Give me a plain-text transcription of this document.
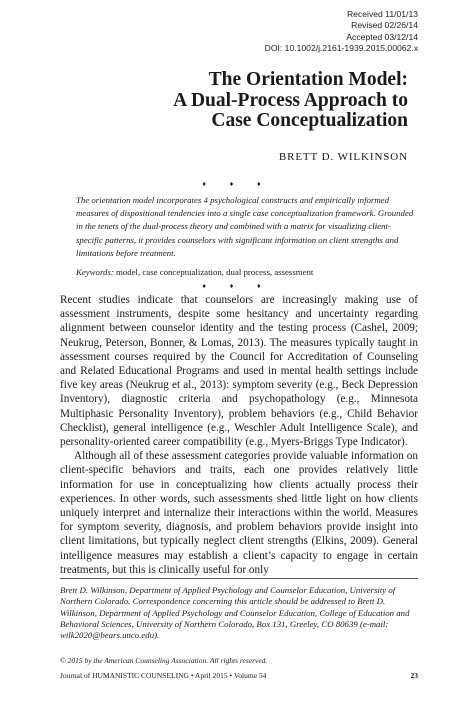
Received 11/01/13
Revised 02/26/14
Accepted 03/12/14
DOI: 10.1002/j.2161-1939.2015.00062.x
The Orientation Model:
A Dual-Process Approach to
Case Conceptualization
BRETT D. WILKINSON
♦ ♦ ♦

The orientation model incorporates 4 psychological constructs and empirically informed measures of dispositional tendencies into a single case conceptualization framework. Grounded in the tenets of the dual-process theory and combined with a matrix for visualizing client-specific patterns, it provides counselors with significant information on client strengths and limitations before treatment.

Keywords: model, case conceptualization, dual process, assessment
♦ ♦ ♦

Recent studies indicate that counselors are increasingly making use of assessment instruments, despite some hesitancy and uncertainty regarding alignment between counselor identity and the testing process (Cashel, 2009; Neukrug, Peterson, Bonner, & Lomas, 2013). The measures typically taught in assessment courses required by the Council for Accreditation of Counseling and Related Educational Programs and used in mental health settings include five key areas (Neukrug et al., 2013): symptom severity (e.g., Beck Depression Inventory), diagnostic criteria and psychopathology (e.g., Minnesota Multiphasic Personality Inventory), problem behaviors (e.g., Child Behavior Checklist), general intelligence (e.g., Weschler Adult Intelligence Scale), and personality-oriented career compatibility (e.g., Myers-Briggs Type Indicator).

Although all of these assessment categories provide valuable information on client-specific behaviors and traits, each one provides relatively little information for use in conceptualizing how clients actually process their experiences. In other words, such assessments shed little light on how clients uniquely interpret and internalize their interactions within the world. Measures for symptom severity, diagnosis, and problem behaviors provide insight into client limitations, but typically neglect client strengths (Elkins, 2009). General intelligence measures may establish a client’s capacity to engage in certain treatments, but this is clinically useful for only

Brett D. Wilkinson, Department of Applied Psychology and Counselor Education, University of Northern Colorado. Correspondence concerning this article should be addressed to Brett D. Wilkinson, Department of Applied Psychology and Counselor Education, College of Education and Behavioral Sciences, University of Northern Colorado, Box 131, Greeley, CO 80639 (e-mail: wilk2020@bears.unco.edu).

© 2015 by the American Counseling Association. All rights reserved.
Journal of HUMANISTIC COUNSELING • April 2015 • Volume 54	23
